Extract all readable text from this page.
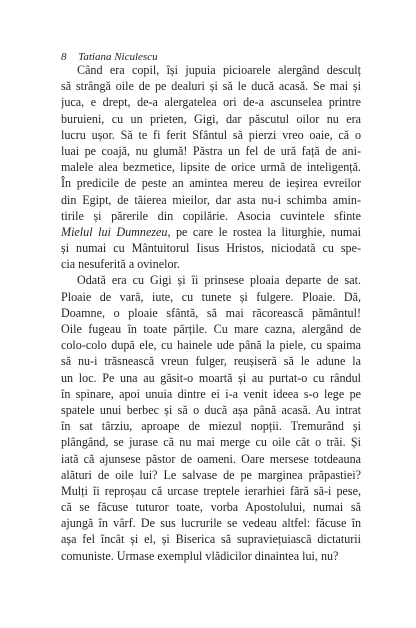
8 Tatiana Niculescu
Când era copil, își jupuia picioarele alergând desculț
să strângă oile de pe dealuri și să le ducă acasă. Se mai și
juca, e drept, de-a alergatelea ori de-a ascunselea printre
buruieni, cu un prieten, Gigi, dar păscutul oilor nu era
lucru ușor. Să te fi ferit Sfântul să pierzi vreo oaie, că o
luai pe coajă, nu glumă! Păstra un fel de ură față de ani-
malele alea bezmetice, lipsite de orice urmă de inteligență.
În predicile de peste an amintea mereu de ieșirea evreilor
din Egipt, de tăierea mieilor, dar asta nu-i schimba amin-
tirile și părerile din copilărie. Asocia cuvintele sfinte
Mielul lui Dumnezeu, pe care le rostea la liturghie, numai
și numai cu Mântuitorul Iisus Hristos, niciodată cu spe-
cia nesuferită a ovinelor.
Odată era cu Gigi și îi prinsese ploaia departe de sat.
Ploaie de vară, iute, cu tunete și fulgere. Ploaie. Dă,
Doamne, o ploaie sfântă, să mai răcorească pământul!
Oile fugeau în toate părțile. Cu mare cazna, alergând de
colo-colo după ele, cu hainele ude până la piele, cu spaima
să nu-i trăsnească vreun fulger, reușiseră să le adune la
un loc. Pe una au găsit-o moartă și au purtat-o cu rândul
în spinare, apoi unuia dintre ei i-a venit ideea s-o lege pe
spatele unui berbec și să o ducă așa până acasă. Au intrat
în sat târziu, aproape de miezul nopții. Tremurând și
plângând, se jurase că nu mai merge cu oile cât o trăi. Și
iată că ajunsese păstor de oameni. Oare mersese totdeauna
alături de oile lui? Le salvase de pe marginea prăpastiei?
Mulți îi reproșau că urcase treptele ierarhiei fără să-i pese,
că se făcuse tuturor toate, vorba Apostolului, numai să
ajungă în vârf. De sus lucrurile se vedeau altfel: făcuse în
așa fel încât și el, și Biserica să supraviețuiască dictaturii
comuniste. Urmase exemplul vlădicilor dinaintea lui, nu?
